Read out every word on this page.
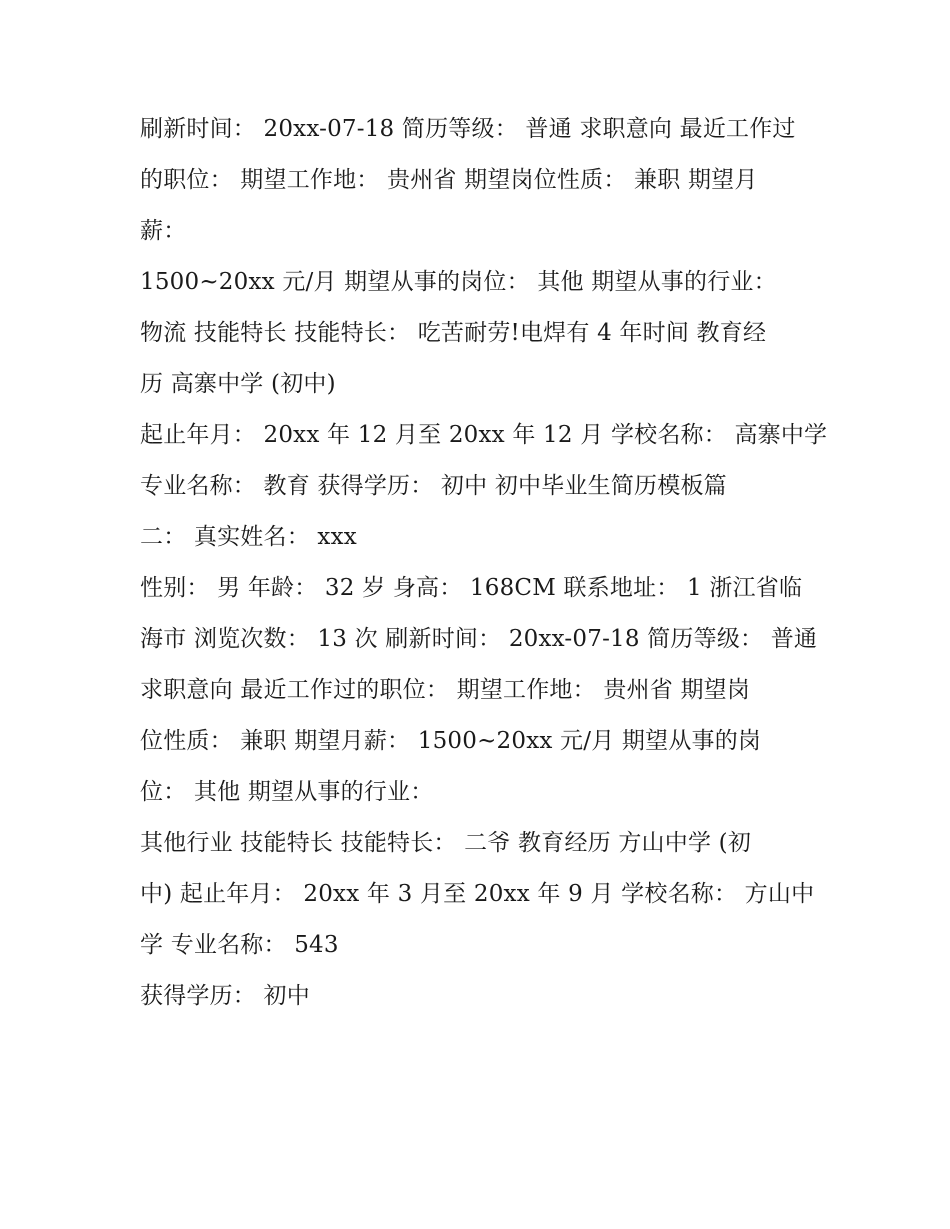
刷新时间： 20xx-07-18 简历等级： 普通 求职意向 最近工作过
的职位： 期望工作地： 贵州省 期望岗位性质： 兼职 期望月
薪：
1500~20xx 元/月 期望从事的岗位： 其他 期望从事的行业：
物流 技能特长 技能特长： 吃苦耐劳!电焊有 4 年时间 教育经
历 高寨中学 (初中)
起止年月： 20xx 年 12 月至 20xx 年 12 月 学校名称： 高寨中学
专业名称： 教育 获得学历： 初中 初中毕业生简历模板篇
二： 真实姓名： xxx
性别： 男 年龄： 32 岁 身高： 168CM 联系地址： 1 浙江省临
海市 浏览次数： 13 次 刷新时间： 20xx-07-18 简历等级： 普通
求职意向 最近工作过的职位： 期望工作地： 贵州省 期望岗
位性质： 兼职 期望月薪： 1500~20xx 元/月 期望从事的岗
位： 其他 期望从事的行业：
其他行业 技能特长 技能特长： 二爷 教育经历 方山中学 (初
中) 起止年月： 20xx 年 3 月至 20xx 年 9 月 学校名称： 方山中
学 专业名称： 543
获得学历： 初中
